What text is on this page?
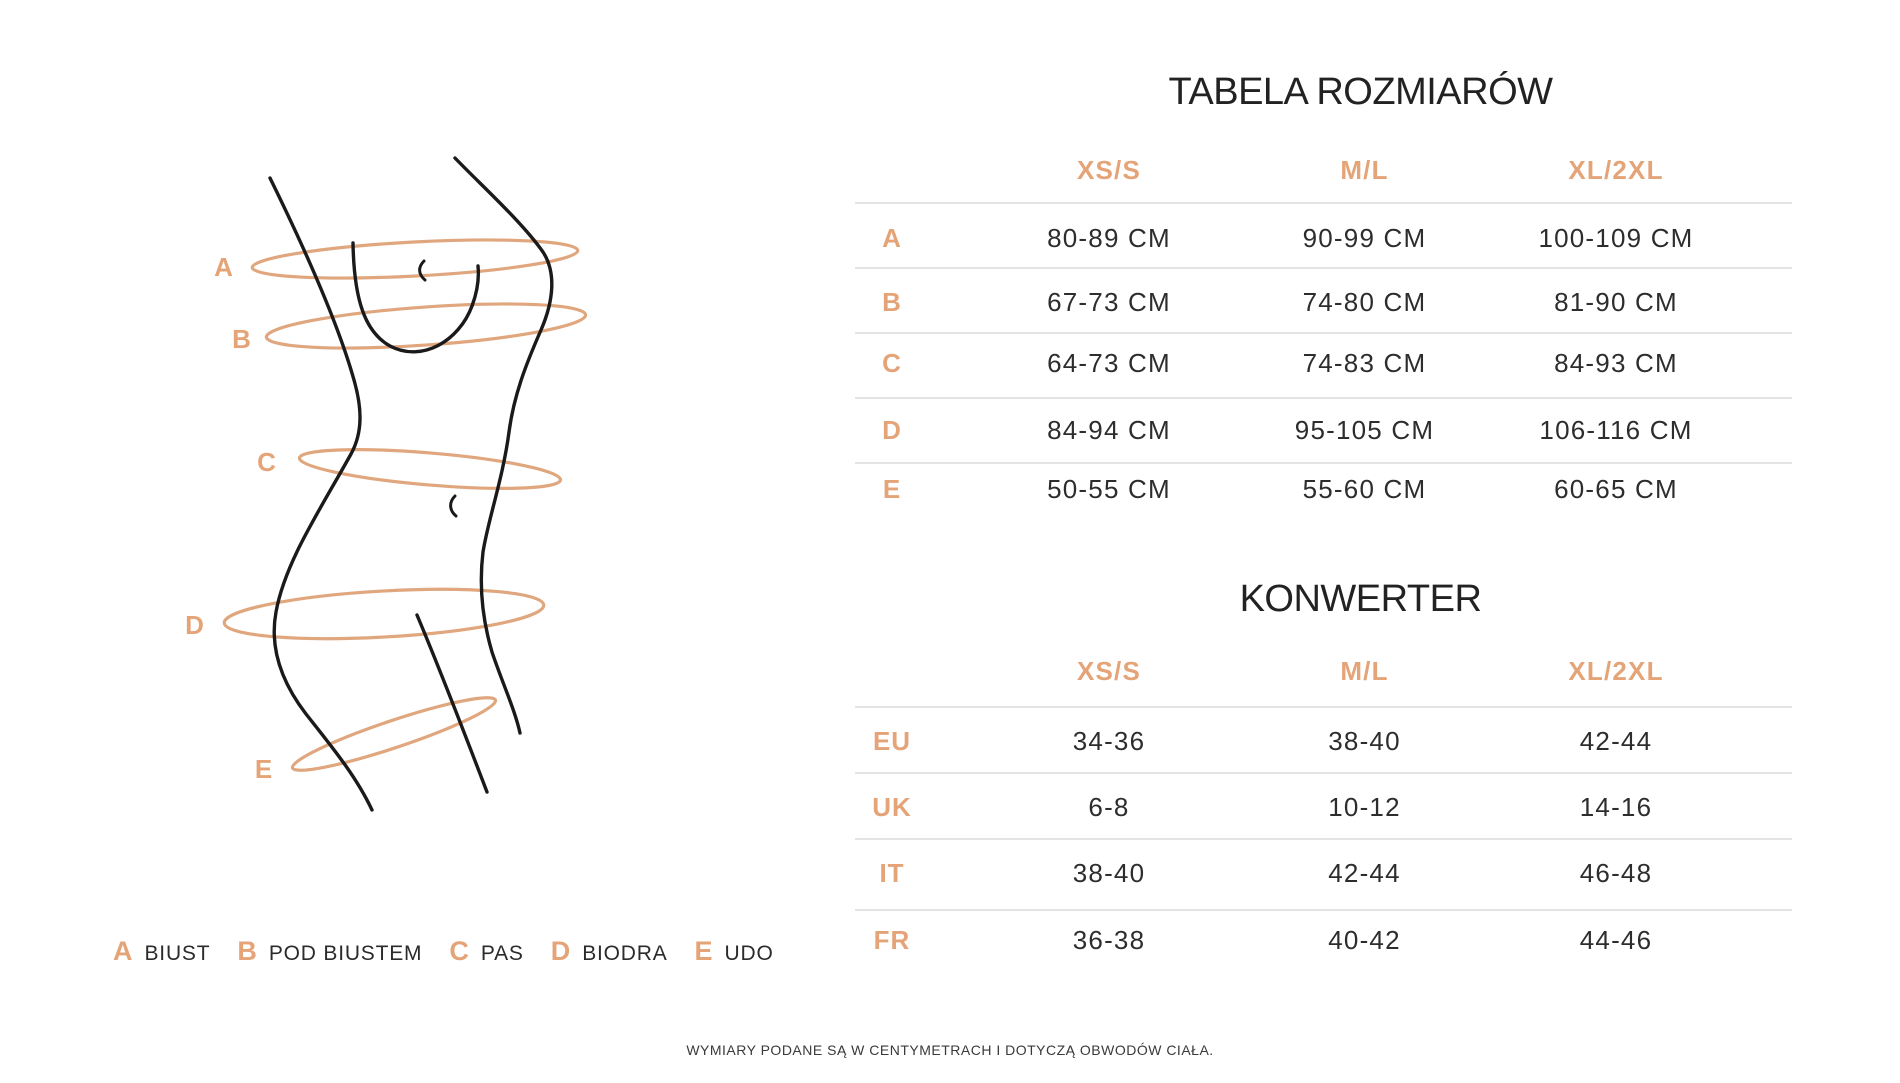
A
B
C
D
E
A BIUST B POD BIUSTEM C PAS D BIODRA E UDO
TABELA ROZMIARÓW
XS/S	M/L	XL/2XL
A	80-89 CM	90-99 CM	100-109 CM
B	67-73 CM	74-80 CM	81-90 CM
C	64-73 CM	74-83 CM	84-93 CM
D	84-94 CM	95-105 CM	106-116 CM
E	50-55 CM	55-60 CM	60-65 CM
KONWERTER
XS/S	M/L	XL/2XL
EU	34-36	38-40	42-44
UK	6-8	10-12	14-16
IT	38-40	42-44	46-48
FR	36-38	40-42	44-46
WYMIARY PODANE SĄ W CENTYMETRACH I DOTYCZĄ OBWODÓW CIAŁA.
